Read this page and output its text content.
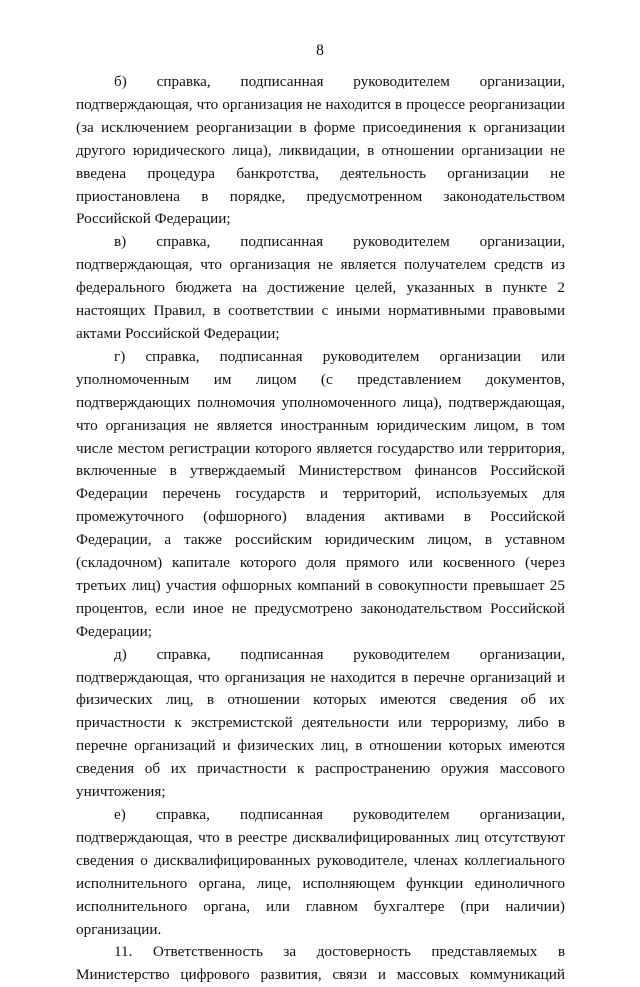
8

б) справка, подписанная руководителем организации, подтверждающая, что организация не находится в процессе реорганизации (за исключением реорганизации в форме присоединения к организации другого юридического лица), ликвидации, в отношении организации не введена процедура банкротства, деятельность организации не приостановлена в порядке, предусмотренном законодательством Российской Федерации;

в) справка, подписанная руководителем организации, подтверждающая, что организация не является получателем средств из федерального бюджета на достижение целей, указанных в пункте 2 настоящих Правил, в соответствии с иными нормативными правовыми актами Российской Федерации;

г) справка, подписанная руководителем организации или уполномоченным им лицом (с представлением документов, подтверждающих полномочия уполномоченного лица), подтверждающая, что организация не является иностранным юридическим лицом, в том числе местом регистрации которого является государство или территория, включенные в утверждаемый Министерством финансов Российской Федерации перечень государств и территорий, используемых для промежуточного (офшорного) владения активами в Российской Федерации, а также российским юридическим лицом, в уставном (складочном) капитале которого доля прямого или косвенного (через третьих лиц) участия офшорных компаний в совокупности превышает 25 процентов, если иное не предусмотрено законодательством Российской Федерации;

д) справка, подписанная руководителем организации, подтверждающая, что организация не находится в перечне организаций и физических лиц, в отношении которых имеются сведения об их причастности к экстремистской деятельности или терроризму, либо в перечне организаций и физических лиц, в отношении которых имеются сведения об их причастности к распространению оружия массового уничтожения;

е) справка, подписанная руководителем организации, подтверждающая, что в реестре дисквалифицированных лиц отсутствуют сведения о дисквалифицированных руководителе, членах коллегиального исполнительного органа, лице, исполняющем функции единоличного исполнительного органа, или главном бухгалтере (при наличии) организации.

11. Ответственность за достоверность представляемых в Министерство цифрового развития, связи и массовых коммуникаций
